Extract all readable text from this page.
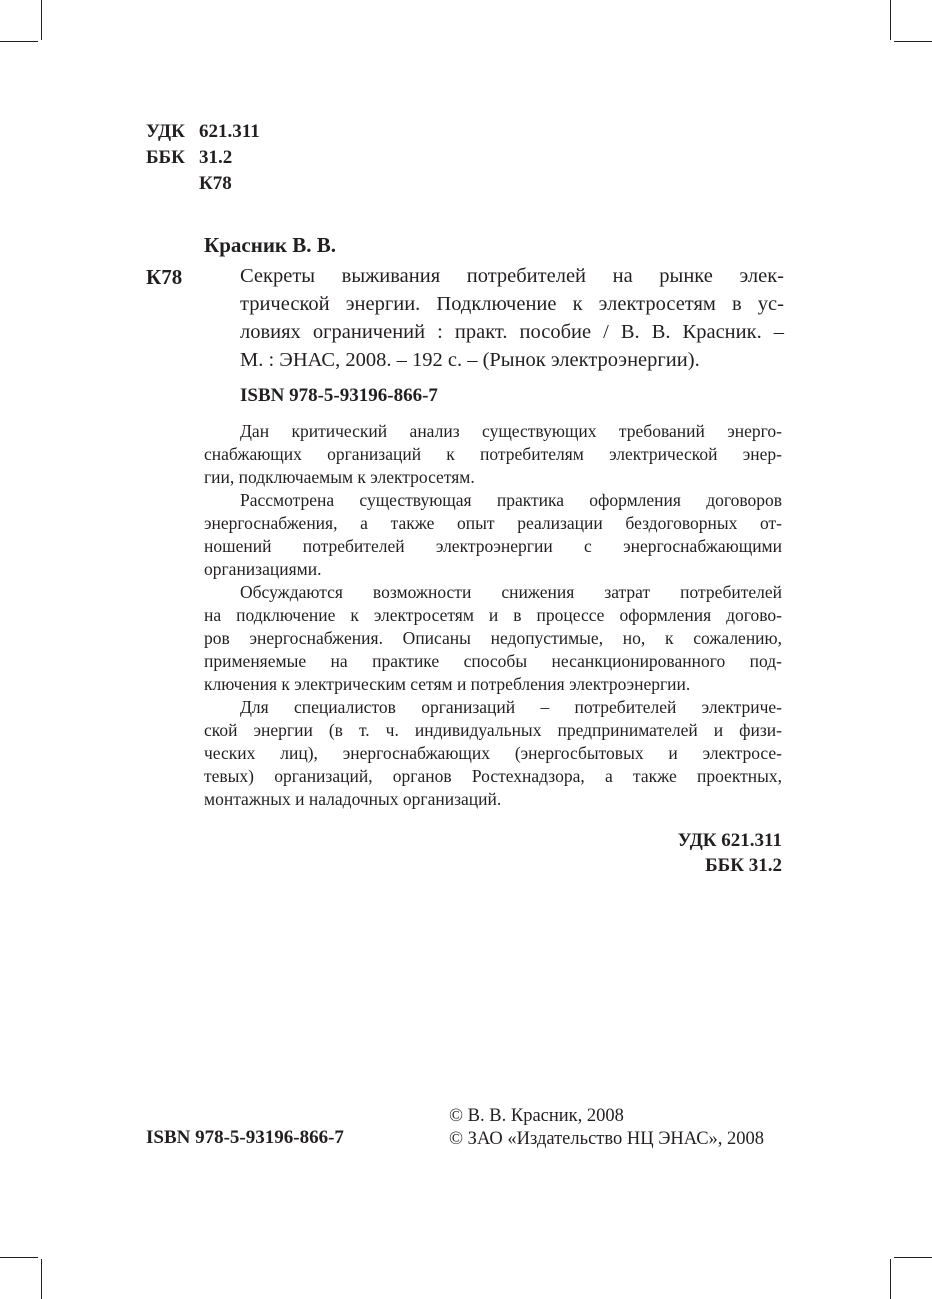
УДК 621.311
ББК 31.2
К78
Красник В. В.
К78	Секреты выживания потребителей на рынке элек-
трической энергии. Подключение к электросетям в ус-
ловиях ограничений : практ. пособие / В. В. Красник. –
М. : ЭНАС, 2008. – 192 с. – (Рынок электроэнергии).
ISBN 978-5-93196-866-7

Дан критический анализ существующих требований энерго-
снабжающих организаций к потребителям электрической энер-
гии, подключаемым к электросетям.

Рассмотрена существующая практика оформления договоров
энергоснабжения, а также опыт реализации бездоговорных от-
ношений потребителей электроэнергии с энергоснабжающими
организациями.

Обсуждаются возможности снижения затрат потребителей
на подключение к электросетям и в процессе оформления догово-
ров энергоснабжения. Описаны недопустимые, но, к сожалению,
применяемые на практике способы несанкционированного под-
ключения к электрическим сетям и потребления электроэнергии.

Для специалистов организаций – потребителей электриче-
ской энергии (в т. ч. индивидуальных предпринимателей и физи-
ческих лиц), энергоснабжающих (энергосбытовых и электросе-
тевых) организаций, органов Ростехнадзора, а также проектных,
монтажных и наладочных организаций.

УДК 621.311
ББК 31.2
ISBN 978-5-93196-866-7
© В. В. Красник, 2008
© ЗАО «Издательство НЦ ЭНАС», 2008
